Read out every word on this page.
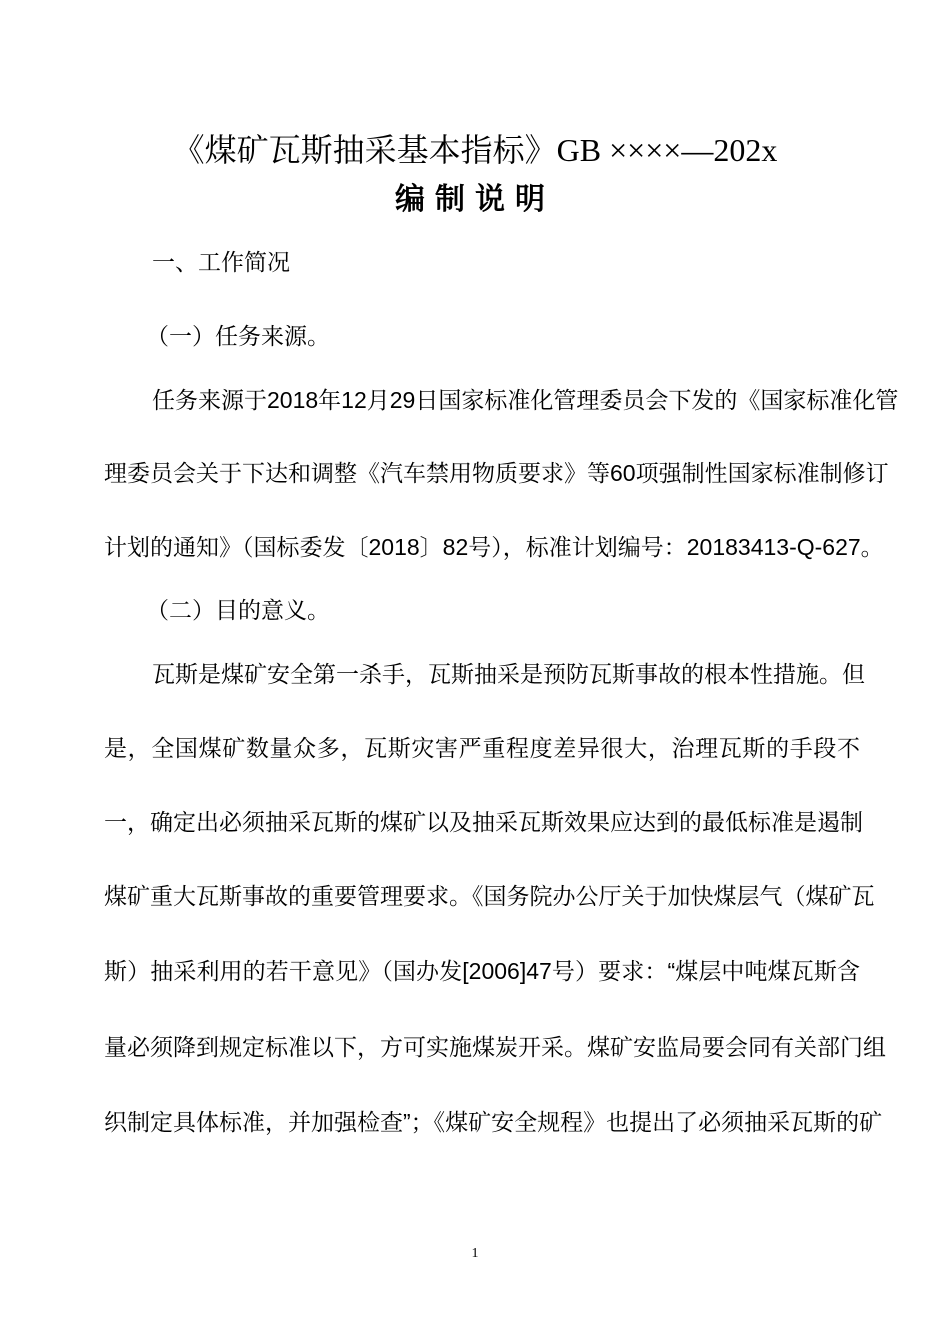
《煤矿瓦斯抽采基本指标》GB ××××—202x
编制说明
一、工作简况
（一）任务来源。
任务来源于2018年12月29日国家标准化管理委员会下发的《国家标准化管
理委员会关于下达和调整《汽车禁用物质要求》等60项强制性国家标准制修订
计划的通知》（国标委发〔2018〕82号），标准计划编号：20183413-Q-627。
（二）目的意义。
瓦斯是煤矿安全第一杀手，瓦斯抽采是预防瓦斯事故的根本性措施。但
是，全国煤矿数量众多，瓦斯灾害严重程度差异很大，治理瓦斯的手段不
一，确定出必须抽采瓦斯的煤矿以及抽采瓦斯效果应达到的最低标准是遏制
煤矿重大瓦斯事故的重要管理要求。《国务院办公厅关于加快煤层气（煤矿瓦
斯）抽采利用的若干意见》（国办发[2006]47号）要求：“煤层中吨煤瓦斯含
量必须降到规定标准以下，方可实施煤炭开采。煤矿安监局要会同有关部门组
织制定具体标准，并加强检查”；《煤矿安全规程》也提出了必须抽采瓦斯的矿
1
